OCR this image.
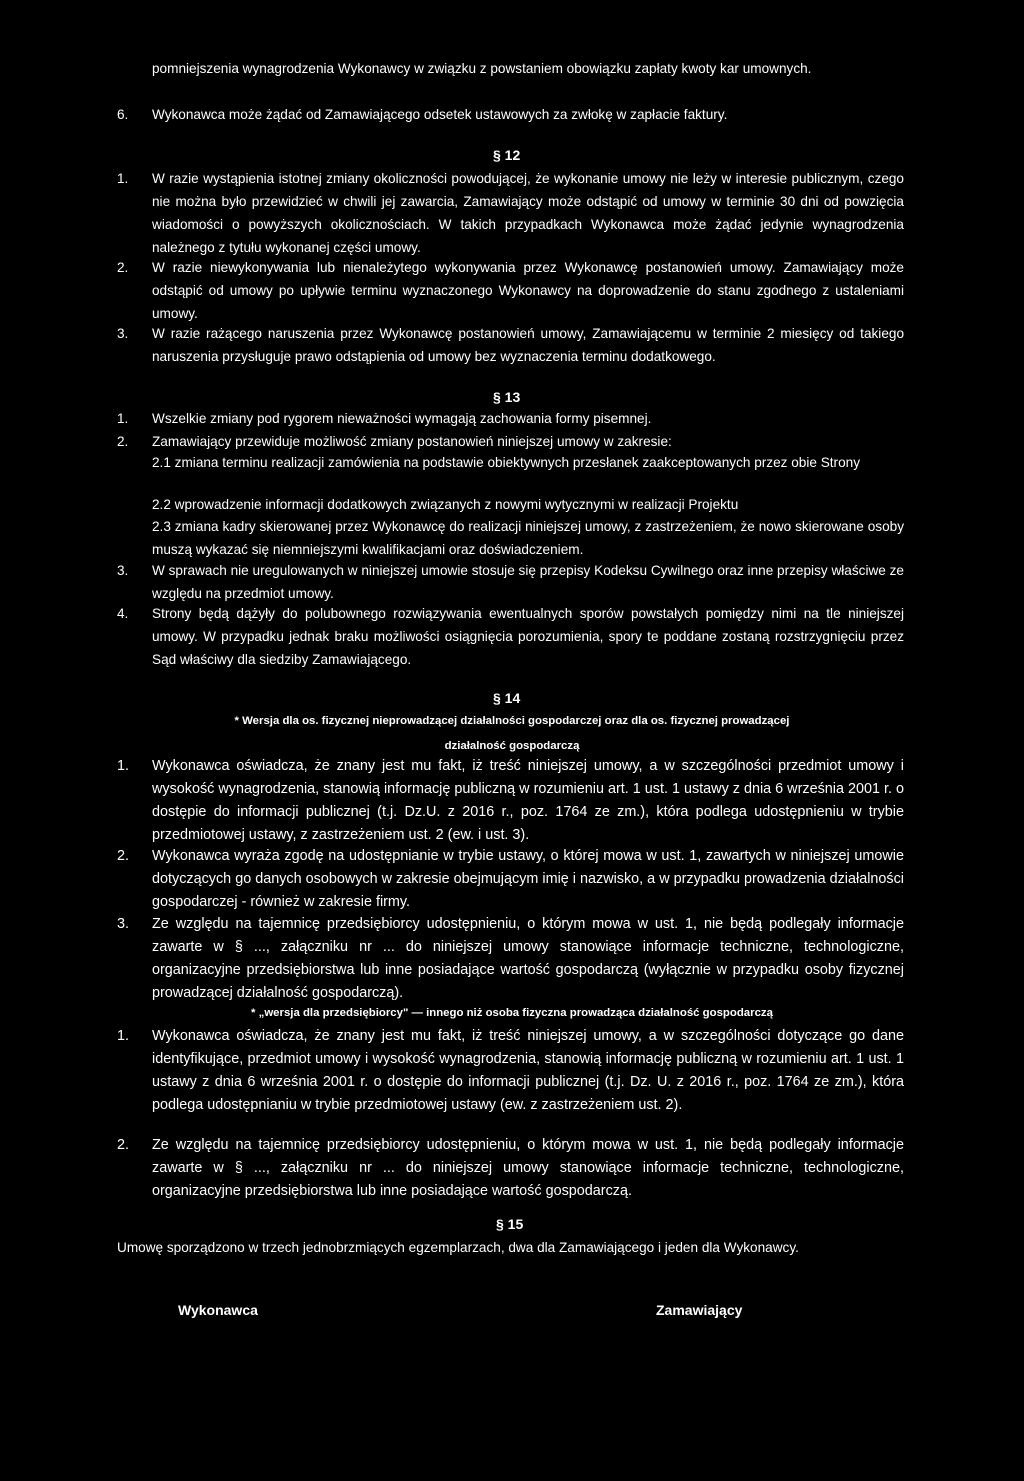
pomniejszenia wynagrodzenia Wykonawcy w związku z powstaniem obowiązku zapłaty kwoty kar umownych.
6. Wykonawca może żądać od Zamawiającego odsetek ustawowych za zwłokę w zapłacie faktury.
§ 12
1. W razie wystąpienia istotnej zmiany okoliczności powodującej, że wykonanie umowy nie leży w interesie publicznym, czego nie można było przewidzieć w chwili jej zawarcia, Zamawiający może odstąpić od umowy w terminie 30 dni od powzięcia wiadomości o powyższych okolicznościach. W takich przypadkach Wykonawca może żądać jedynie wynagrodzenia należnego z tytułu wykonanej części umowy.
2. W razie niewykonywania lub nienależytego wykonywania przez Wykonawcę postanowień umowy. Zamawiający może odstąpić od umowy po upływie terminu wyznaczonego Wykonawcy na doprowadzenie do stanu zgodnego z ustaleniami umowy.
3. W razie rażącego naruszenia przez Wykonawcę postanowień umowy, Zamawiającemu w terminie 2 miesięcy od takiego naruszenia przysługuje prawo odstąpienia od umowy bez wyznaczenia terminu dodatkowego.
§ 13
1. Wszelkie zmiany pod rygorem nieważności wymagają zachowania formy pisemnej.
2. Zamawiający przewiduje możliwość zmiany postanowień niniejszej umowy w zakresie:
2.1 zmiana terminu realizacji zamówienia na podstawie obiektywnych przesłanek zaakceptowanych przez obie Strony
2.2 wprowadzenie informacji dodatkowych związanych z nowymi wytycznymi w realizacji Projektu
2.3 zmiana kadry skierowanej przez Wykonawcę do realizacji niniejszej umowy, z zastrzeżeniem, że nowo skierowane osoby muszą wykazać się niemniejszymi kwalifikacjami oraz doświadczeniem.
3. W sprawach nie uregulowanych w niniejszej umowie stosuje się przepisy Kodeksu Cywilnego oraz inne przepisy właściwe ze względu na przedmiot umowy.
4. Strony będą dążyły do polubownego rozwiązywania ewentualnych sporów powstałych pomiędzy nimi na tle niniejszej umowy. W przypadku jednak braku możliwości osiągnięcia porozumienia, spory te poddane zostaną rozstrzygnięciu przez Sąd właściwy dla siedziby Zamawiającego.
§ 14
* Wersja dla os. fizycznej nieprowadzącej działalności gospodarczej oraz dla os. fizycznej prowadzącej
działalność gospodarczą
1. Wykonawca oświadcza, że znany jest mu fakt, iż treść niniejszej umowy, a w szczególności przedmiot umowy i wysokość wynagrodzenia, stanowią informację publiczną w rozumieniu art. 1 ust. 1 ustawy z dnia 6 września 2001 r. o dostępie do informacji publicznej (t.j. Dz.U. z 2016 r., poz. 1764 ze zm.), która podlega udostępnieniu w trybie przedmiotowej ustawy, z zastrzeżeniem ust. 2 (ew. i ust. 3).
2. Wykonawca wyraża zgodę na udostępnianie w trybie ustawy, o której mowa w ust. 1, zawartych w niniejszej umowie dotyczących go danych osobowych w zakresie obejmującym imię i nazwisko, a w przypadku prowadzenia działalności gospodarczej - również w zakresie firmy.
3. Ze względu na tajemnicę przedsiębiorcy udostępnieniu, o którym mowa w ust. 1, nie będą podlegały informacje zawarte w § ..., załączniku nr ... do niniejszej umowy stanowiące informacje techniczne, technologiczne, organizacyjne przedsiębiorstwa lub inne posiadające wartość gospodarczą (wyłącznie w przypadku osoby fizycznej prowadzącej działalność gospodarczą).
* „wersja dla przedsiębiorcy" — innego niż osoba fizyczna prowadząca działalność gospodarczą
1. Wykonawca oświadcza, że znany jest mu fakt, iż treść niniejszej umowy, a w szczególności dotyczące go dane identyfikujące, przedmiot umowy i wysokość wynagrodzenia, stanowią informację publiczną w rozumieniu art. 1 ust. 1 ustawy z dnia 6 września 2001 r. o dostępie do informacji publicznej (t.j. Dz. U. z 2016 r., poz. 1764 ze zm.), która podlega udostępnianiu w trybie przedmiotowej ustawy (ew. z zastrzeżeniem ust. 2).
2. Ze względu na tajemnicę przedsiębiorcy udostępnieniu, o którym mowa w ust. 1, nie będą podlegały informacje zawarte w § ..., załączniku nr ... do niniejszej umowy stanowiące informacje techniczne, technologiczne, organizacyjne przedsiębiorstwa lub inne posiadające wartość gospodarczą.
§ 15
Umowę sporządzono w trzech jednobrzmiących egzemplarzach, dwa dla Zamawiającego i jeden dla Wykonawcy.
Wykonawca	Zamawiający
